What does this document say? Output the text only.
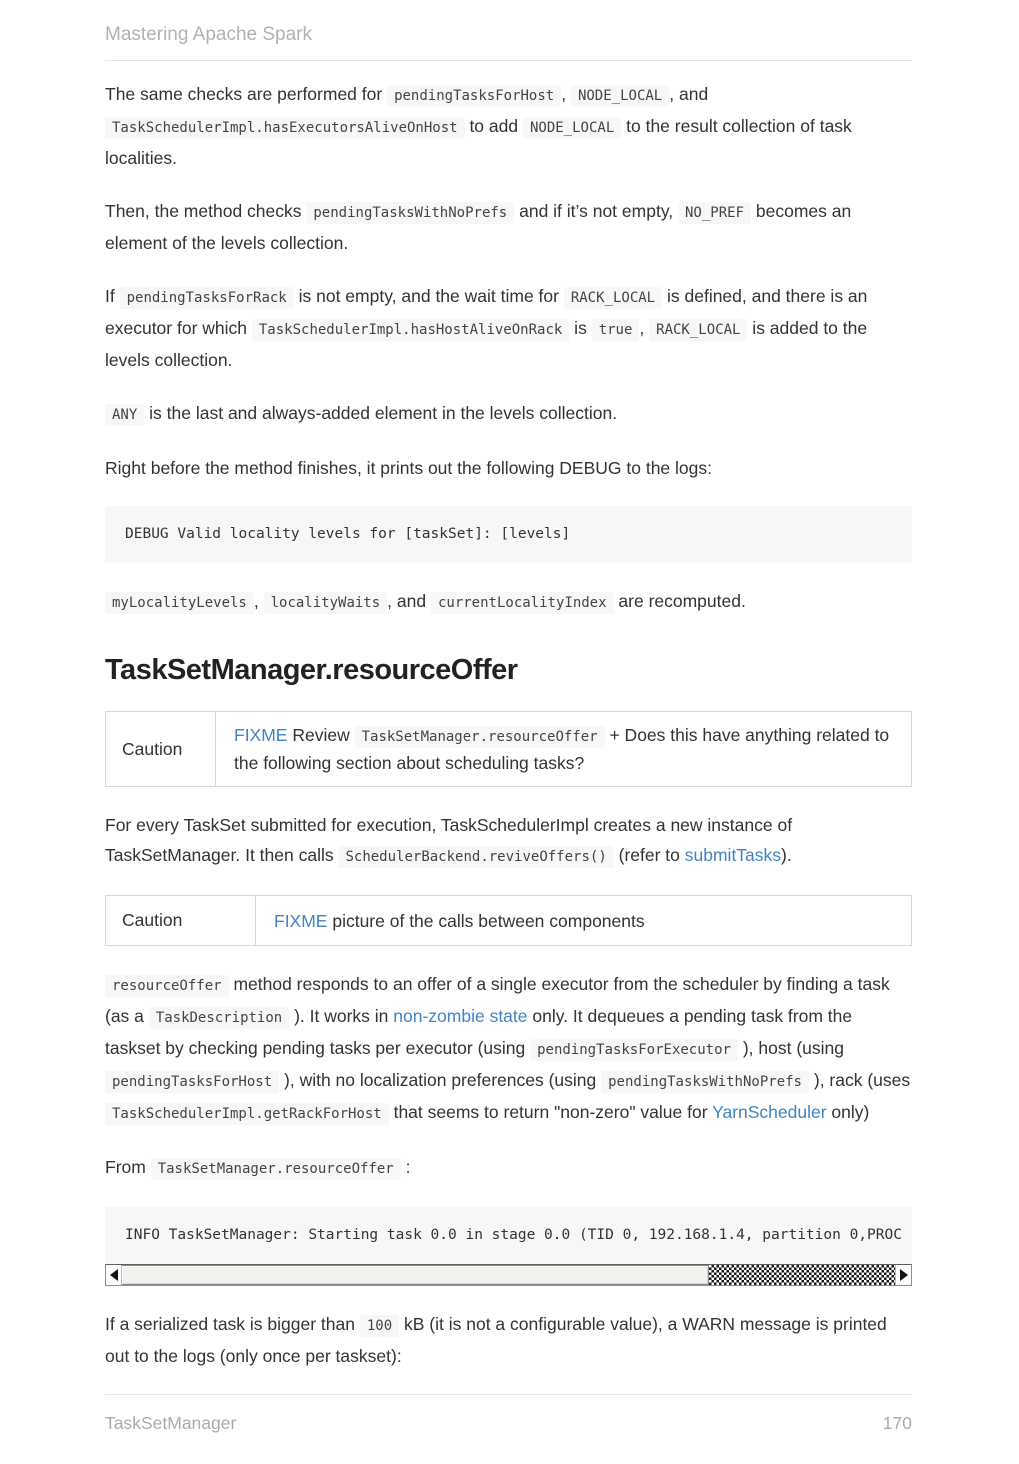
Mastering Apache Spark

The same checks are performed for pendingTasksForHost , NODE_LOCAL , and TaskSchedulerImpl.hasExecutorsAliveOnHost to add NODE_LOCAL to the result collection of task localities.

Then, the method checks pendingTasksWithNoPrefs and if it’s not empty, NO_PREF becomes an element of the levels collection.

If pendingTasksForRack is not empty, and the wait time for RACK_LOCAL is defined, and there is an executor for which TaskSchedulerImpl.hasHostAliveOnRack is true , RACK_LOCAL is added to the levels collection.

ANY is the last and always-added element in the levels collection.

Right before the method finishes, it prints out the following DEBUG to the logs:

DEBUG Valid locality levels for [taskSet]: [levels]

myLocalityLevels , localityWaits , and currentLocalityIndex are recomputed.

TaskSetManager.resourceOffer
Caution	FIXME Review TaskSetManager.resourceOffer + Does this have anything related to the following section about scheduling tasks?

For every TaskSet submitted for execution, TaskSchedulerImpl creates a new instance of TaskSetManager. It then calls SchedulerBackend.reviveOffers() (refer to submitTasks).

Caution	FIXME picture of the calls between components

resourceOffer method responds to an offer of a single executor from the scheduler by finding a task (as a TaskDescription ). It works in non-zombie state only. It dequeues a pending task from the taskset by checking pending tasks per executor (using pendingTasksForExecutor ), host (using pendingTasksForHost ), with no localization preferences (using pendingTasksWithNoPrefs ), rack (uses TaskSchedulerImpl.getRackForHost that seems to return "non-zero" value for YarnScheduler only)

From TaskSetManager.resourceOffer :

INFO TaskSetManager: Starting task 0.0 in stage 0.0 (TID 0, 192.168.1.4, partition 0,PROC

If a serialized task is bigger than 100 kB (it is not a configurable value), a WARN message is printed out to the logs (only once per taskset):

TaskSetManager	170
